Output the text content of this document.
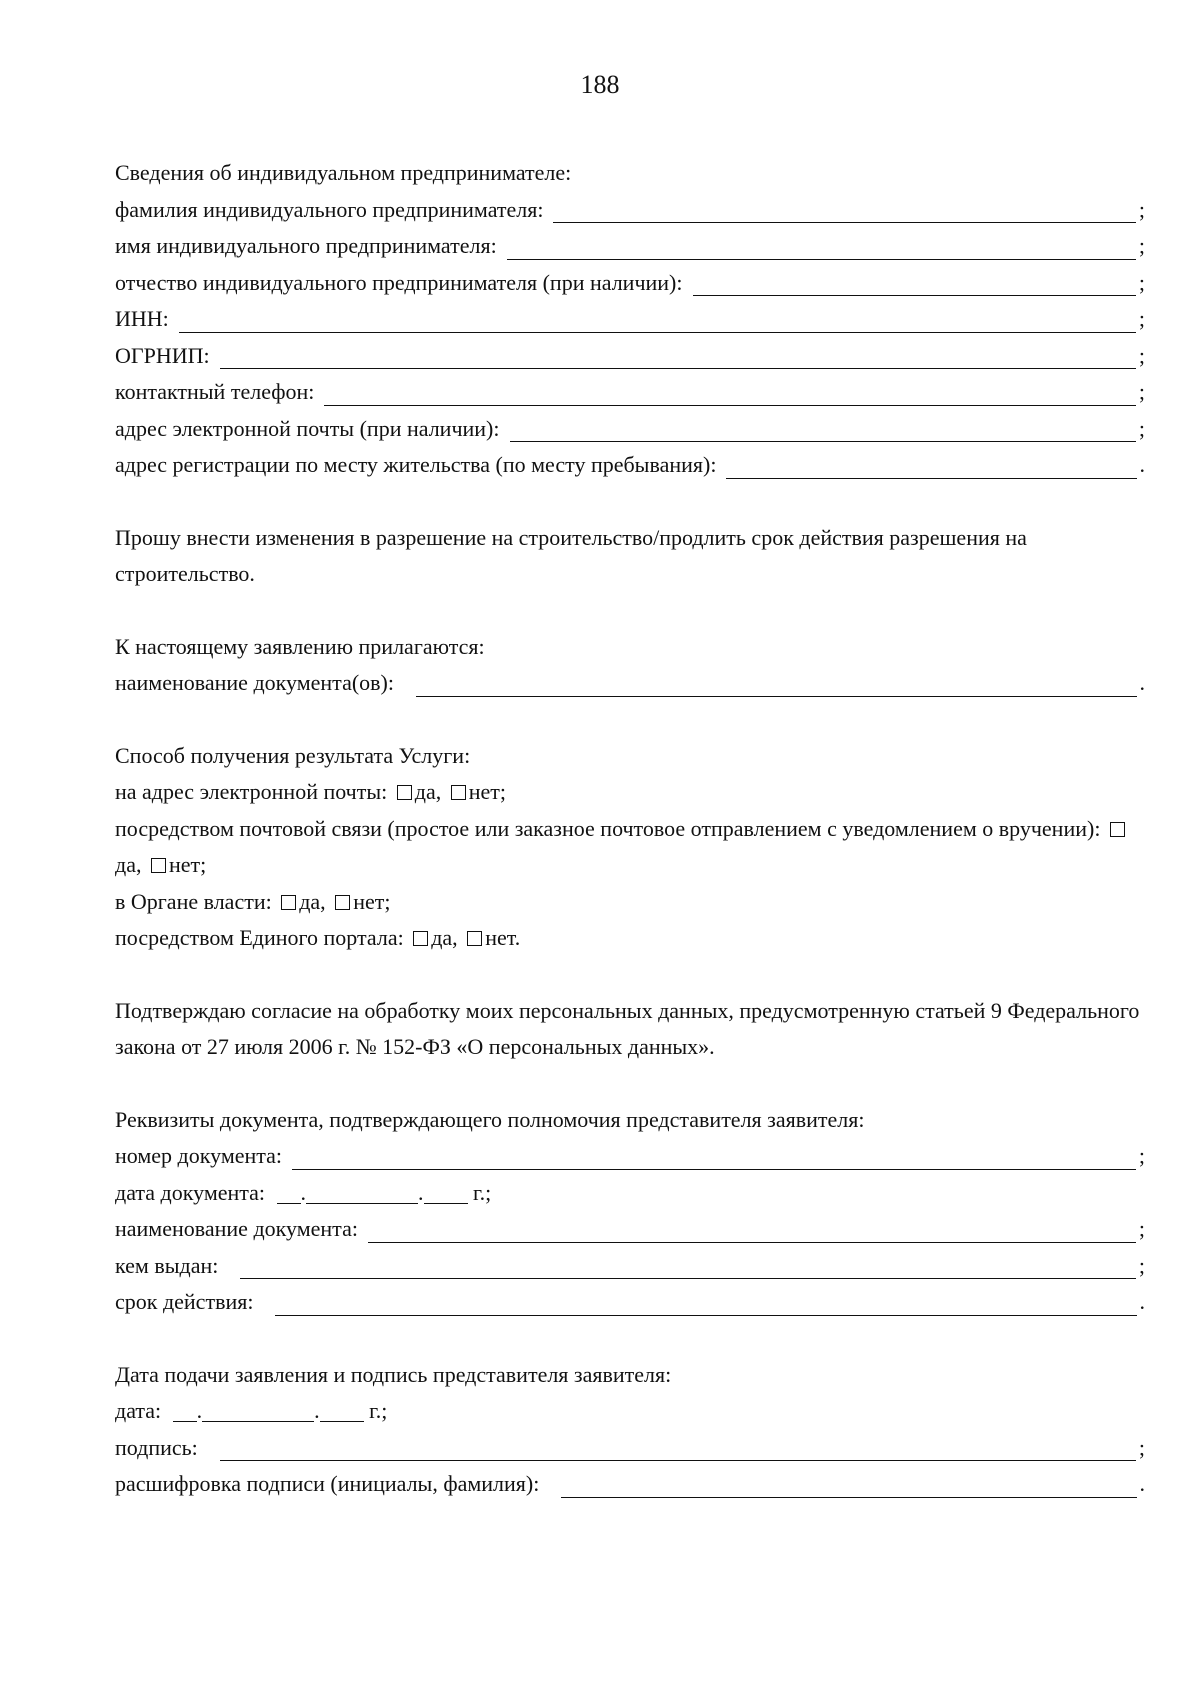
188
Сведения об индивидуальном предпринимателе:
фамилия индивидуального предпринимателя:	;
имя индивидуального предпринимателя:	;
отчество индивидуального предпринимателя (при наличии):	;
ИНН:	;
ОГРНИП:	;
контактный телефон:	;
адрес электронной почты (при наличии):	;
адрес регистрации по месту жительства (по месту пребывания):	.
Прошу внести изменения в разрешение на строительство/продлить срок действия разрешения на строительство.
К настоящему заявлению прилагаются:
наименование документа(ов):	.
Способ получения результата Услуги:
на адрес электронной почты: да, нет;
посредством почтовой связи (простое или заказное почтовое отправлением с уведомлением о вручении): да, нет;
в Органе власти: да, нет;
посредством Единого портала: да, нет.
Подтверждаю согласие на обработку моих персональных данных, предусмотренную статьей 9 Федерального закона от 27 июля 2006 г. № 152-ФЗ «О персональных данных».
Реквизиты документа, подтверждающего полномочия представителя заявителя:
номер документа:	;
дата документа: .	. г.;
наименование документа:	;
кем выдан:	;
срок действия:	.
Дата подачи заявления и подпись представителя заявителя:
дата: .	. г.;
подпись:	;
расшифровка подписи (инициалы, фамилия):	.
